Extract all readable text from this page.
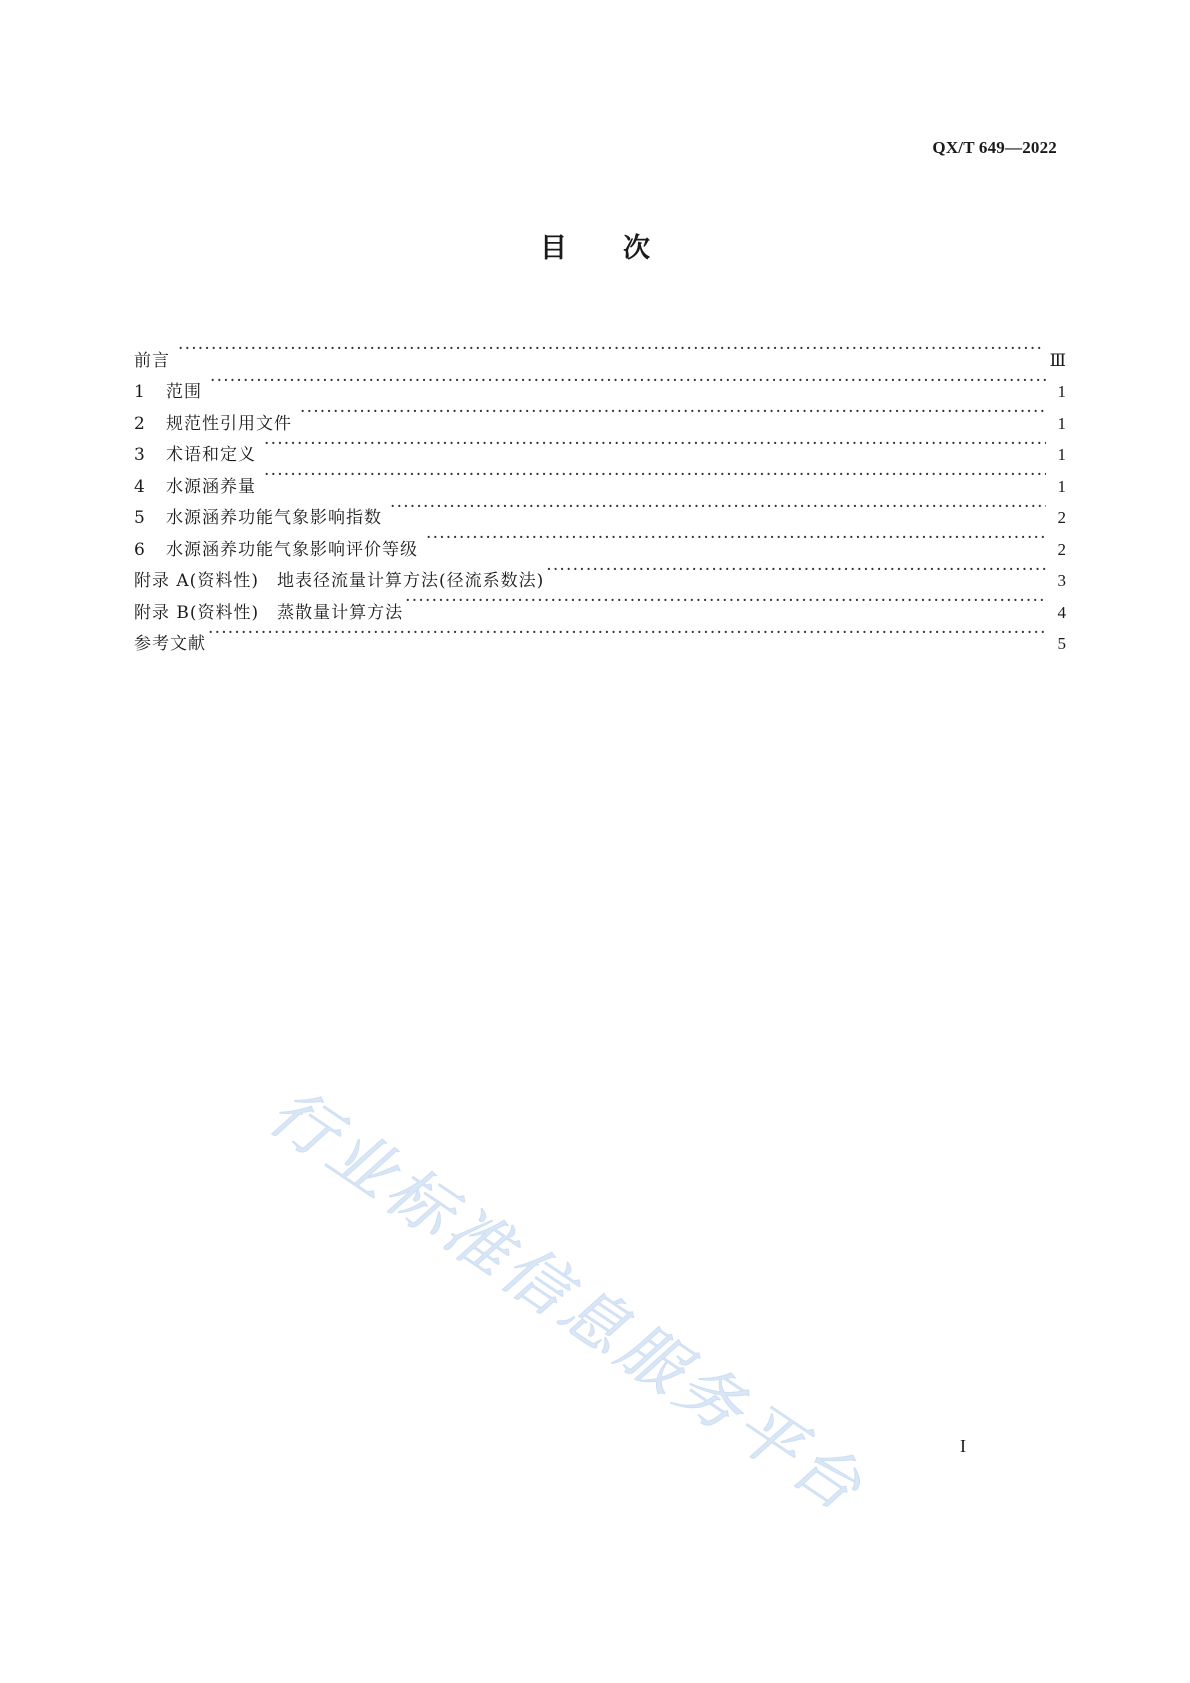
QX/T 649—2022
目 次
前言 ·····	Ⅲ
1	范围 ·····	1
2	规范性引用文件 ·····	1
3	术语和定义 ·····	1
4	水源涵养量 ·····	1
5	水源涵养功能气象影响指数 ·····	2
6	水源涵养功能气象影响评价等级 ·····	2
附录 A(资料性)　地表径流量计算方法(径流系数法) ·····	3
附录 B(资料性)　蒸散量计算方法 ·····	4
参考文献 ·····	5
行业标准信息服务平台	I
